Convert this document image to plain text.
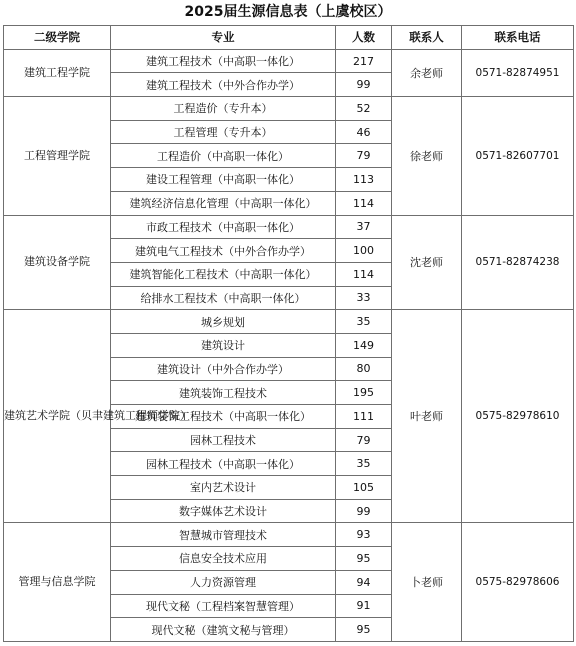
2025届生源信息表（上虞校区）
二级学院	专业	人数	联系人	联系电话
建筑工程学院	建筑工程技术（中高职一体化）	217	余老师	0571-82874951
	建筑工程技术（中外合作办学）	99		
工程管理学院	工程造价（专升本）	52	徐老师	0571-82607701
	工程管理（专升本）	46		
	工程造价（中高职一体化）	79		
	建设工程管理（中高职一体化）	113		
	建筑经济信息化管理（中高职一体化）	114		
建筑设备学院	市政工程技术（中高职一体化）	37	沈老师	0571-82874238
	建筑电气工程技术（中外合作办学）	100		
	建筑智能化工程技术（中高职一体化）	114		
	给排水工程技术（中高职一体化）	33		
建筑艺术学院（贝聿建筑工程师学院）	城乡规划	35	叶老师	0575-82978610
	建筑设计	149		
	建筑设计（中外合作办学）	80		
	建筑装饰工程技术	195		
	建筑装饰工程技术（中高职一体化）	111		
	园林工程技术	79		
	园林工程技术（中高职一体化）	35		
	室内艺术设计	105		
	数字媒体艺术设计	99		
管理与信息学院	智慧城市管理技术	93	卜老师	0575-82978606
	信息安全技术应用	95		
	人力资源管理	94		
	现代文秘（工程档案智慧管理）	91		
	现代文秘（建筑文秘与管理）	95		
